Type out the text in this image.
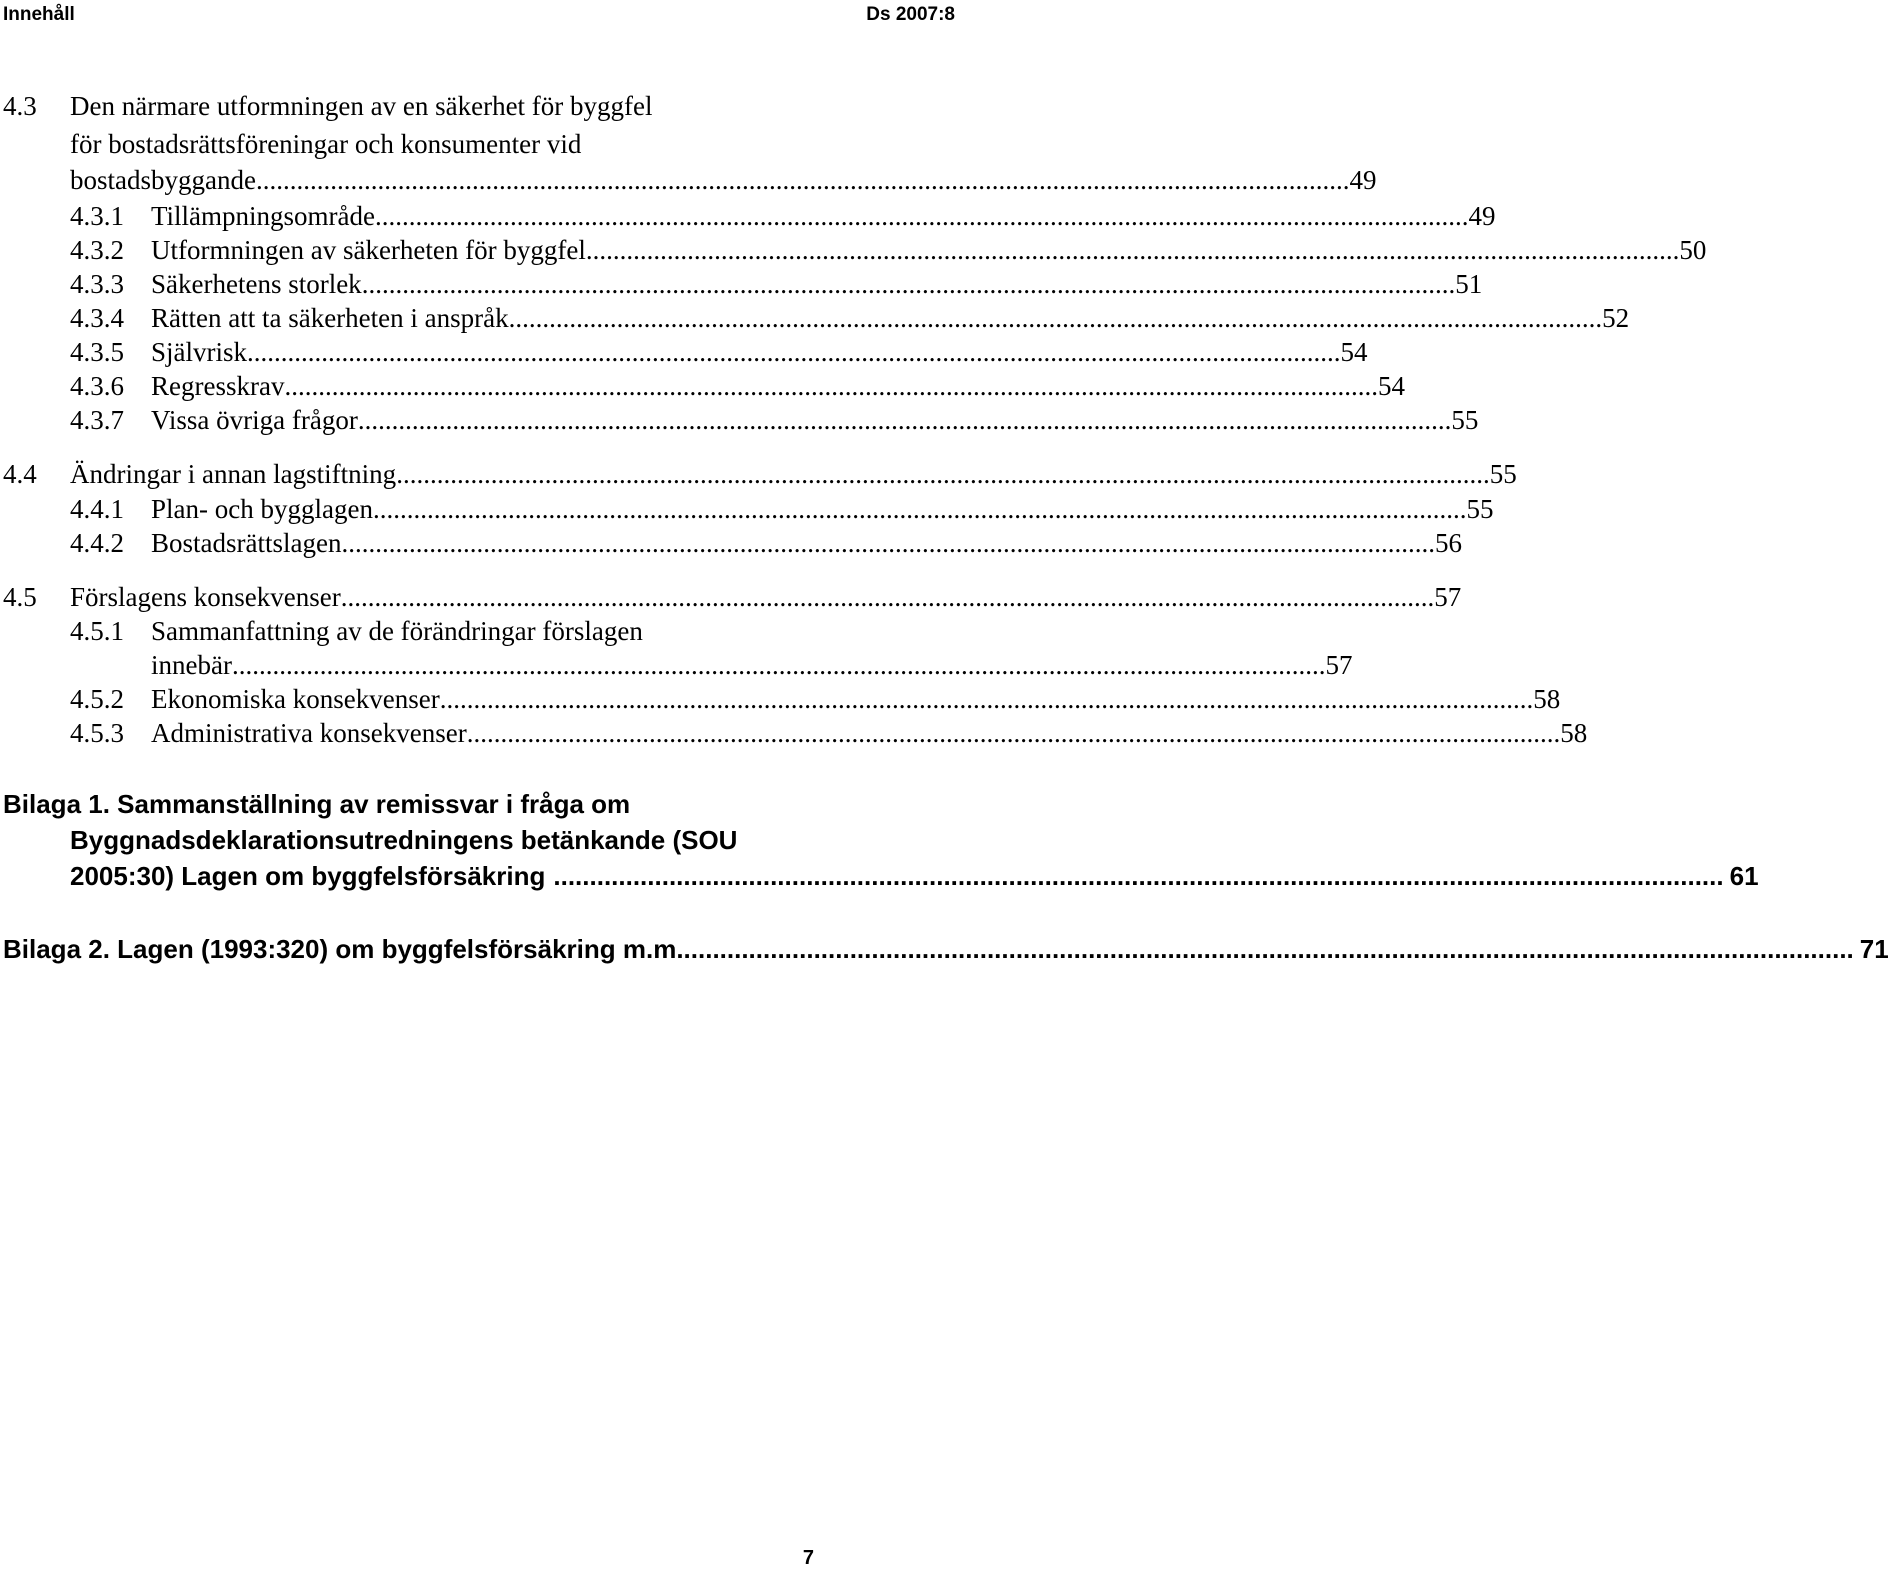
Innehåll	Ds 2007:8
4.3 Den närmare utformningen av en säkerhet för byggfel
för bostadsrättsföreningar och konsumenter vid
bostadsbyggande .................................................................................................................................................................. 49
4.3.1 Tillämpningsområde .................................................................................................................................................................. 49
4.3.2 Utformningen av säkerheten för byggfel .................................................................................................................................................................. 50
4.3.3 Säkerhetens storlek .................................................................................................................................................................. 51
4.3.4 Rätten att ta säkerheten i anspråk .................................................................................................................................................................. 52
4.3.5 Självrisk .................................................................................................................................................................. 54
4.3.6 Regresskrav .................................................................................................................................................................. 54
4.3.7 Vissa övriga frågor .................................................................................................................................................................. 55
4.4 Ändringar i annan lagstiftning .................................................................................................................................................................. 55
4.4.1 Plan- och bygglagen .................................................................................................................................................................. 55
4.4.2 Bostadsrättslagen .................................................................................................................................................................. 56
4.5 Förslagens konsekvenser .................................................................................................................................................................. 57
4.5.1 Sammanfattning av de förändringar förslagen
innebär .................................................................................................................................................................. 57
4.5.2 Ekonomiska konsekvenser .................................................................................................................................................................. 58
4.5.3 Administrativa konsekvenser .................................................................................................................................................................. 58
Bilaga 1. Sammanställning av remissvar i fråga om
Byggnadsdeklarationsutredningens betänkande (SOU
2005:30) Lagen om byggfelsförsäkring .................................................................................................................................................................. 61
Bilaga 2. Lagen (1993:320) om byggfelsförsäkring m.m. .................................................................................................................................................................. 71
7
